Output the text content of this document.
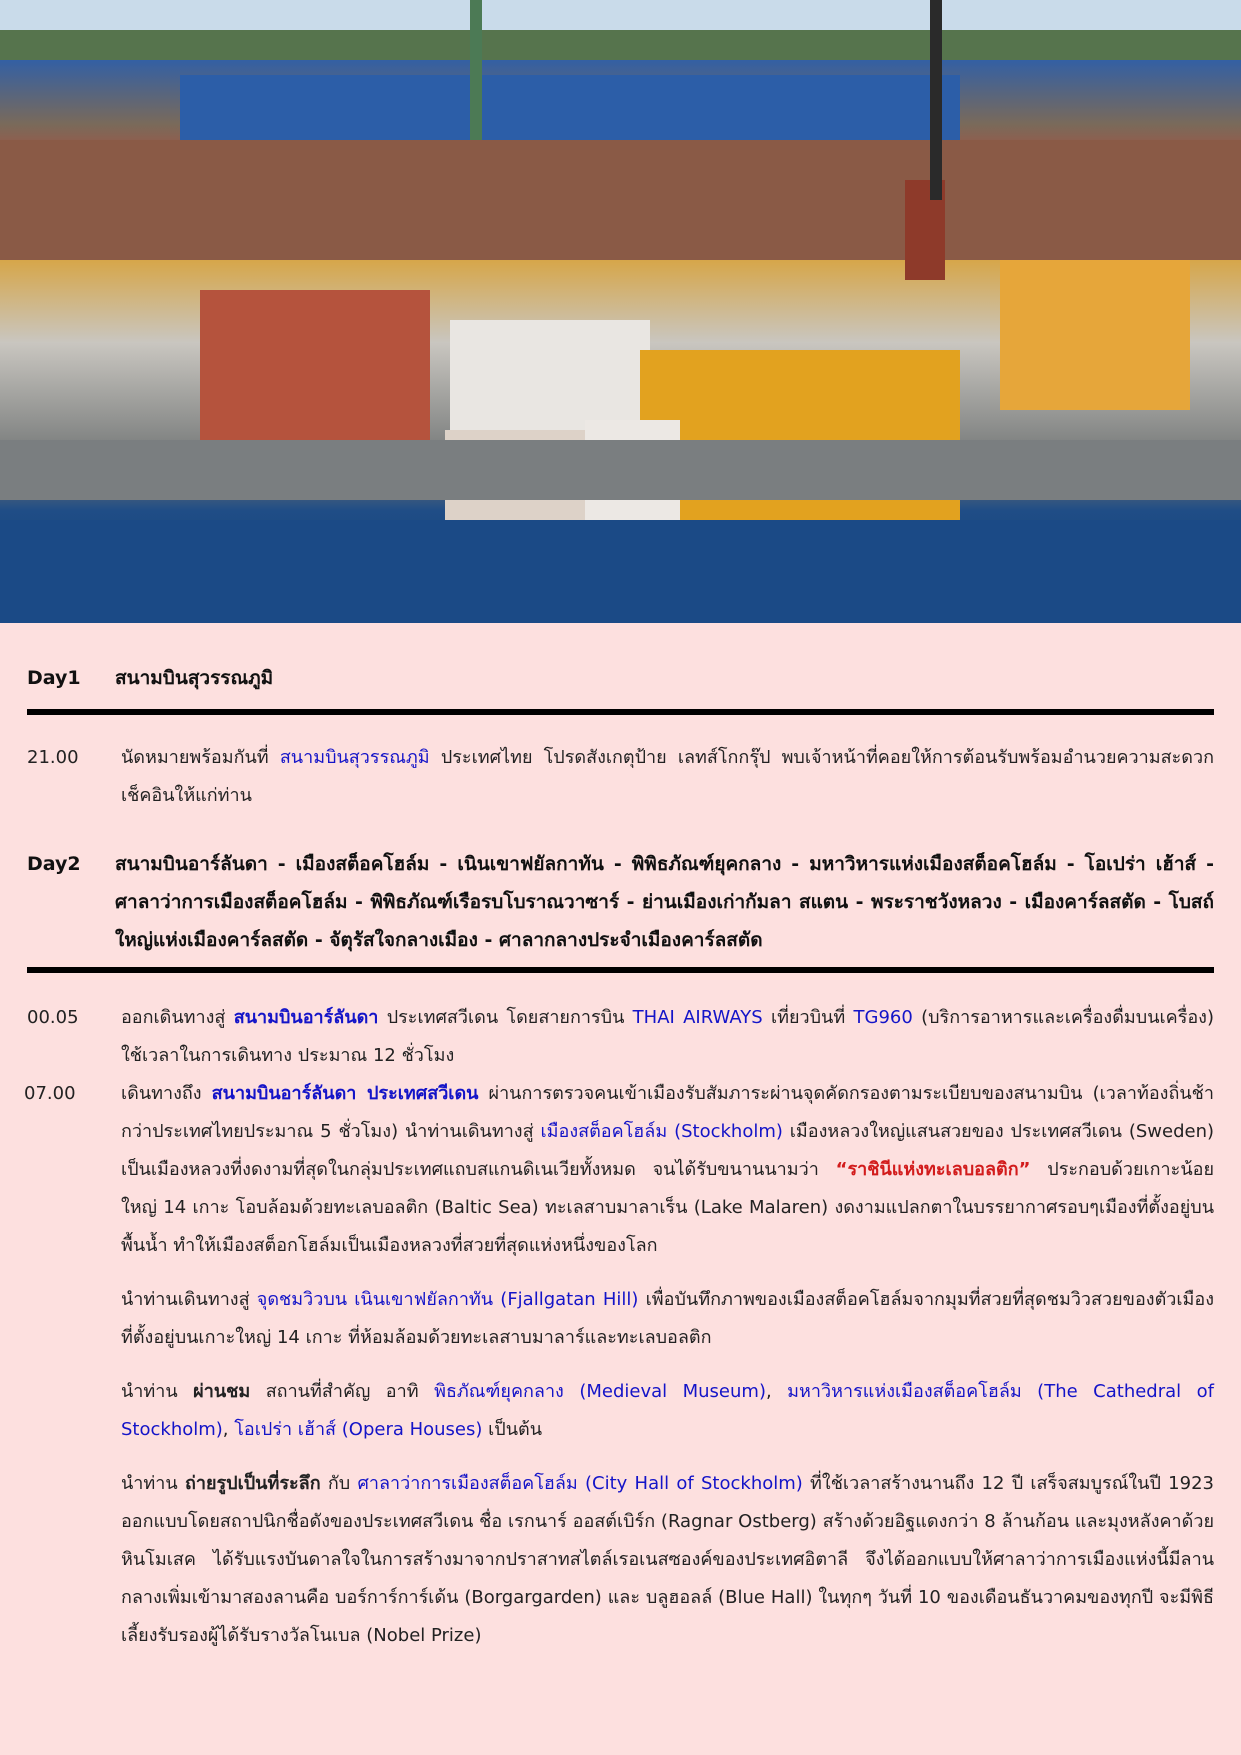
Day1	สนามบินสุวรรณภูมิ
21.00	นัดหมายพร้อมกันที่ สนามบินสุวรรณภูมิ ประเทศไทย โปรดสังเกตุป้าย เลทส์โกกรุ๊ป พบเจ้าหน้าที่คอยให้การต้อนรับพร้อมอำนวยความสะดวก เช็คอินให้แก่ท่าน
Day2	สนามบินอาร์ลันดา - เมืองสต็อคโฮล์ม - เนินเขาฟยัลกาทัน - พิพิธภัณฑ์ยุคกลาง - มหาวิหารแห่งเมืองสต็อคโฮล์ม - โอเปร่า เฮ้าส์ - ศาลาว่าการเมืองสต็อคโฮล์ม - พิพิธภัณฑ์เรือรบโบราณวาซาร์ - ย่านเมืองเก่ากัมลา สแตน - พระราชวังหลวง - เมืองคาร์ลสตัด - โบสถ์ใหญ่แห่งเมืองคาร์ลสตัด - จัตุรัสใจกลางเมือง - ศาลากลางประจำเมืองคาร์ลสตัด
00.05	ออกเดินทางสู่ สนามบินอาร์ลันดา ประเทศสวีเดน โดยสายการบิน THAI AIRWAYS เที่ยวบินที่ TG960 (บริการอาหารและเครื่องดื่มบนเครื่อง) ใช้เวลาในการเดินทาง ประมาณ 12 ชั่วโมง
07.00	เดินทางถึง สนามบินอาร์ลันดา ประเทศสวีเดน ผ่านการตรวจคนเข้าเมืองรับสัมภาระผ่านจุดคัดกรองตามระเบียบของสนามบิน (เวลาท้องถิ่นช้ากว่าประเทศไทยประมาณ 5 ชั่วโมง) นำท่านเดินทางสู่ เมืองสต็อคโฮล์ม (Stockholm) เมืองหลวงใหญ่แสนสวยของ ประเทศสวีเดน (Sweden) เป็นเมืองหลวงที่งดงามที่สุดในกลุ่มประเทศแถบสแกนดิเนเวียทั้งหมด จนได้รับขนานนามว่า “ราชินีแห่งทะเลบอลติก” ประกอบด้วยเกาะน้อยใหญ่ 14 เกาะ โอบล้อมด้วยทะเลบอลติก (Baltic Sea) ทะเลสาบมาลาเร็น (Lake Malaren) งดงามแปลกตาในบรรยากาศรอบๆเมืองที่ตั้งอยู่บนพื้นน้ำ ทำให้เมืองสต็อกโฮล์มเป็นเมืองหลวงที่สวยที่สุดแห่งหนึ่งของโลก
นำท่านเดินทางสู่ จุดชมวิวบน เนินเขาฟยัลกาทัน (Fjallgatan Hill) เพื่อบันทึกภาพของเมืองสต็อคโฮล์มจากมุมที่สวยที่สุดชมวิวสวยของตัวเมืองที่ตั้งอยู่บนเกาะใหญ่ 14 เกาะ ที่ห้อมล้อมด้วยทะเลสาบมาลาร์และทะเลบอลติก
นำท่าน ผ่านชม สถานที่สำคัญ อาทิ พิธภัณฑ์ยุคกลาง (Medieval Museum), มหาวิหารแห่งเมืองสต็อคโฮล์ม (The Cathedral of Stockholm), โอเปร่า เฮ้าส์ (Opera Houses) เป็นต้น
นำท่าน ถ่ายรูปเป็นที่ระลึก กับ ศาลาว่าการเมืองสต็อคโฮล์ม (City Hall of Stockholm) ที่ใช้เวลาสร้างนานถึง 12 ปี เสร็จสมบูรณ์ในปี 1923 ออกแบบโดยสถาปนิกชื่อดังของประเทศสวีเดน ชื่อ เรกนาร์ ออสต์เบิร์ก (Ragnar Ostberg) สร้างด้วยอิฐแดงกว่า 8 ล้านก้อน และมุงหลังคาด้วยหินโมเสค ได้รับแรงบันดาลใจในการสร้างมาจากปราสาทสไตล์เรอเนสซองค์ของประเทศอิตาลี จึงได้ออกแบบให้ศาลาว่าการเมืองแห่งนี้มีลานกลางเพิ่มเข้ามาสองลานคือ บอร์การ์การ์เด้น (Borgargarden) และ บลูฮอลล์ (Blue Hall) ในทุกๆ วันที่ 10 ของเดือนธันวาคมของทุกปี จะมีพิธีเลี้ยงรับรองผู้ได้รับรางวัลโนเบล (Nobel Prize)
